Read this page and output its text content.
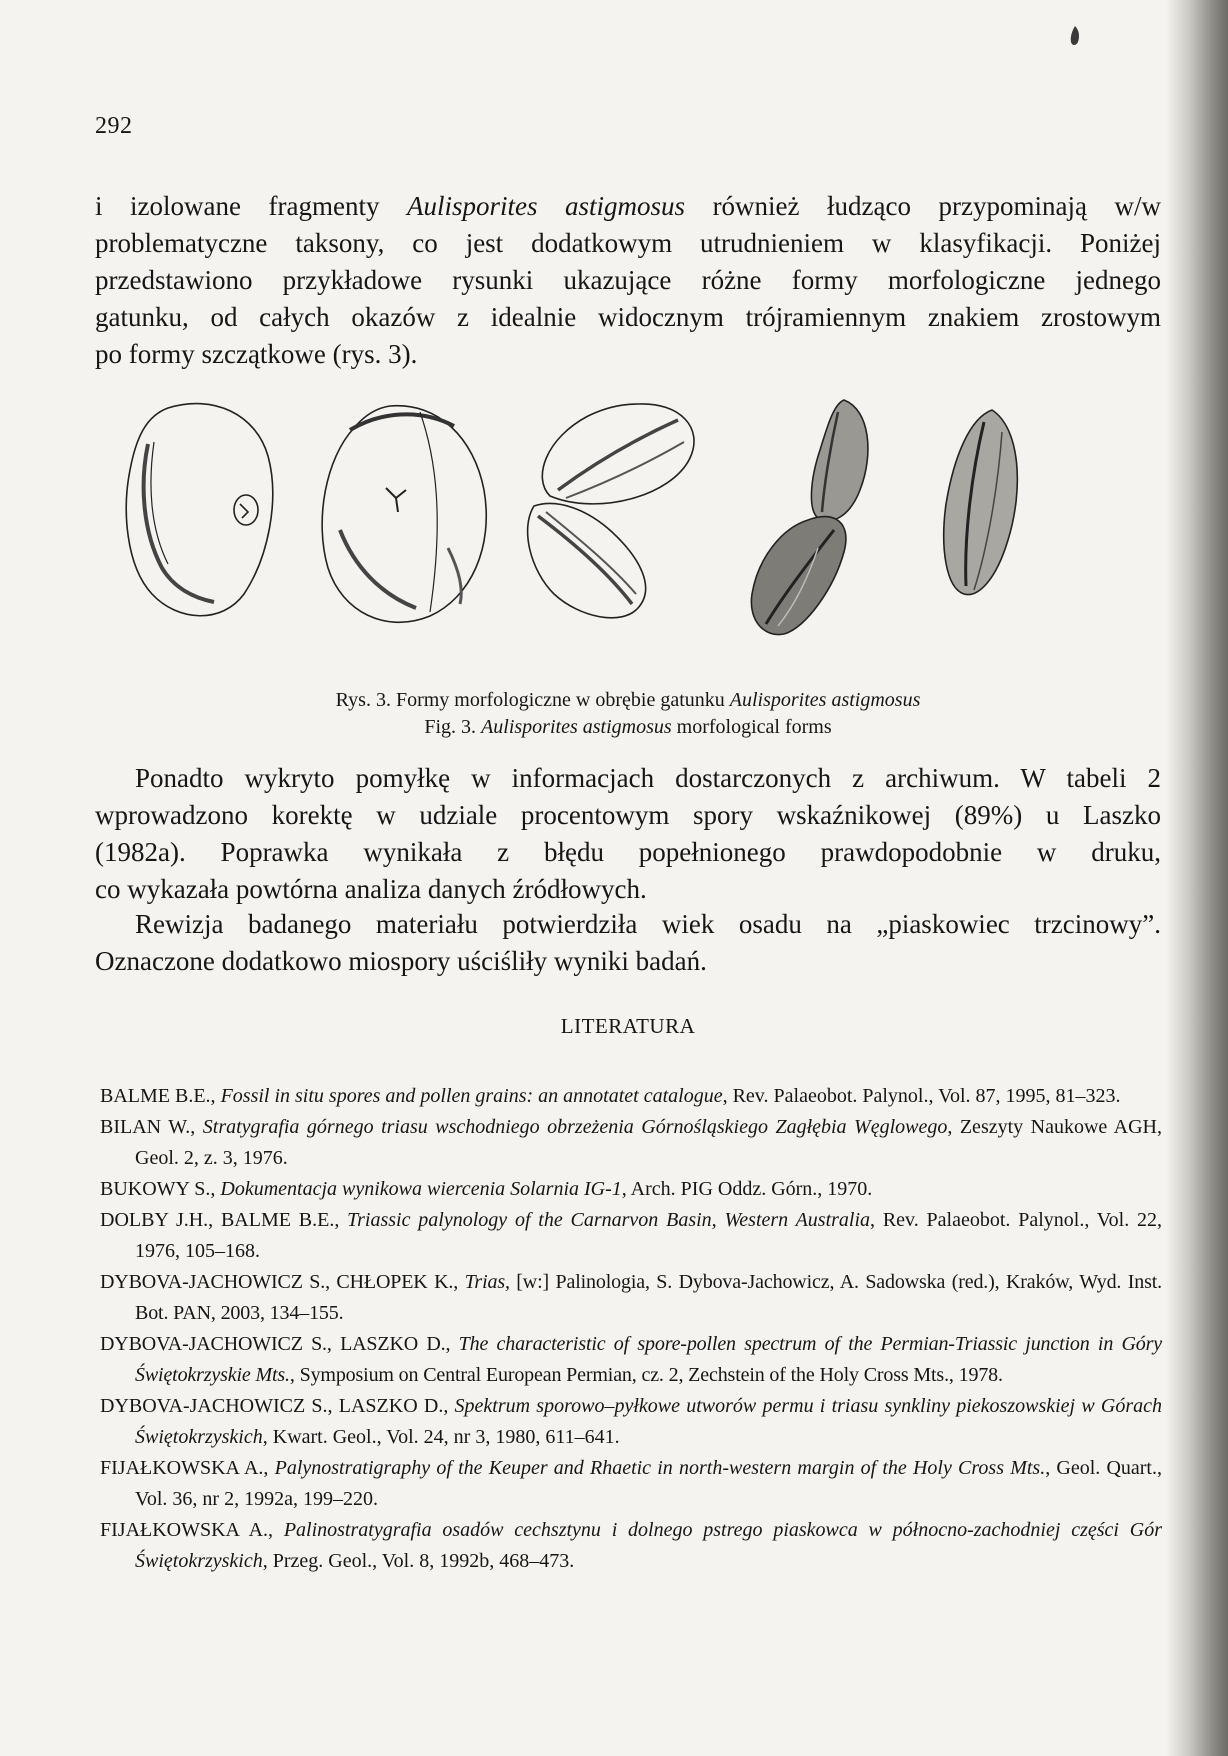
292
i izolowane fragmenty Aulisporites astigmosus również łudząco przypominają w/w
problematyczne taksony, co jest dodatkowym utrudnieniem w klasyfikacji. Poniżej
przedstawiono przykładowe rysunki ukazujące różne formy morfologiczne jednego
gatunku, od całych okazów z idealnie widocznym trójramiennym znakiem zrostowym
po formy szczątkowe (rys. 3).
Rys. 3. Formy morfologiczne w obrębie gatunku Aulisporites astigmosus
Fig. 3. Aulisporites astigmosus morfological forms
Ponadto wykryto pomyłkę w informacjach dostarczonych z archiwum. W tabeli 2
wprowadzono korektę w udziale procentowym spory wskaźnikowej (89%) u Laszko
(1982a). Poprawka wynikała z błędu popełnionego prawdopodobnie w druku,
co wykazała powtórna analiza danych źródłowych.
Rewizja badanego materiału potwierdziła wiek osadu na „piaskowiec trzcinowy”.
Oznaczone dodatkowo miospory uściśliły wyniki badań.
LITERATURA

BALME B.E., Fossil in situ spores and pollen grains: an annotatet catalogue, Rev. Palaeobot. Palynol., Vol. 87, 1995, 81–323.

BILAN W., Stratygrafia górnego triasu wschodniego obrzeżenia Górnośląskiego Zagłębia Węglowego, Zeszyty Naukowe AGH, Geol. 2, z. 3, 1976.

BUKOWY S., Dokumentacja wynikowa wiercenia Solarnia IG-1, Arch. PIG Oddz. Górn., 1970.

DOLBY J.H., BALME B.E., Triassic palynology of the Carnarvon Basin, Western Australia, Rev. Palaeobot. Palynol., Vol. 22, 1976, 105–168.

DYBOVA-JACHOWICZ S., CHŁOPEK K., Trias, [w:] Palinologia, S. Dybova-Jachowicz, A. Sadowska (red.), Kraków, Wyd. Inst. Bot. PAN, 2003, 134–155.

DYBOVA-JACHOWICZ S., LASZKO D., The characteristic of spore-pollen spectrum of the Permian-Triassic junction in Góry Świętokrzyskie Mts., Symposium on Central European Permian, cz. 2, Zechstein of the Holy Cross Mts., 1978.

DYBOVA-JACHOWICZ S., LASZKO D., Spektrum sporowo–pyłkowe utworów permu i triasu synkliny piekoszowskiej w Górach Świętokrzyskich, Kwart. Geol., Vol. 24, nr 3, 1980, 611–641.

FIJAŁKOWSKA A., Palynostratigraphy of the Keuper and Rhaetic in north-western margin of the Holy Cross Mts., Geol. Quart., Vol. 36, nr 2, 1992a, 199–220.

FIJAŁKOWSKA A., Palinostratygrafia osadów cechsztynu i dolnego pstrego piaskowca w północno-zachodniej części Gór Świętokrzyskich, Przeg. Geol., Vol. 8, 1992b, 468–473.
